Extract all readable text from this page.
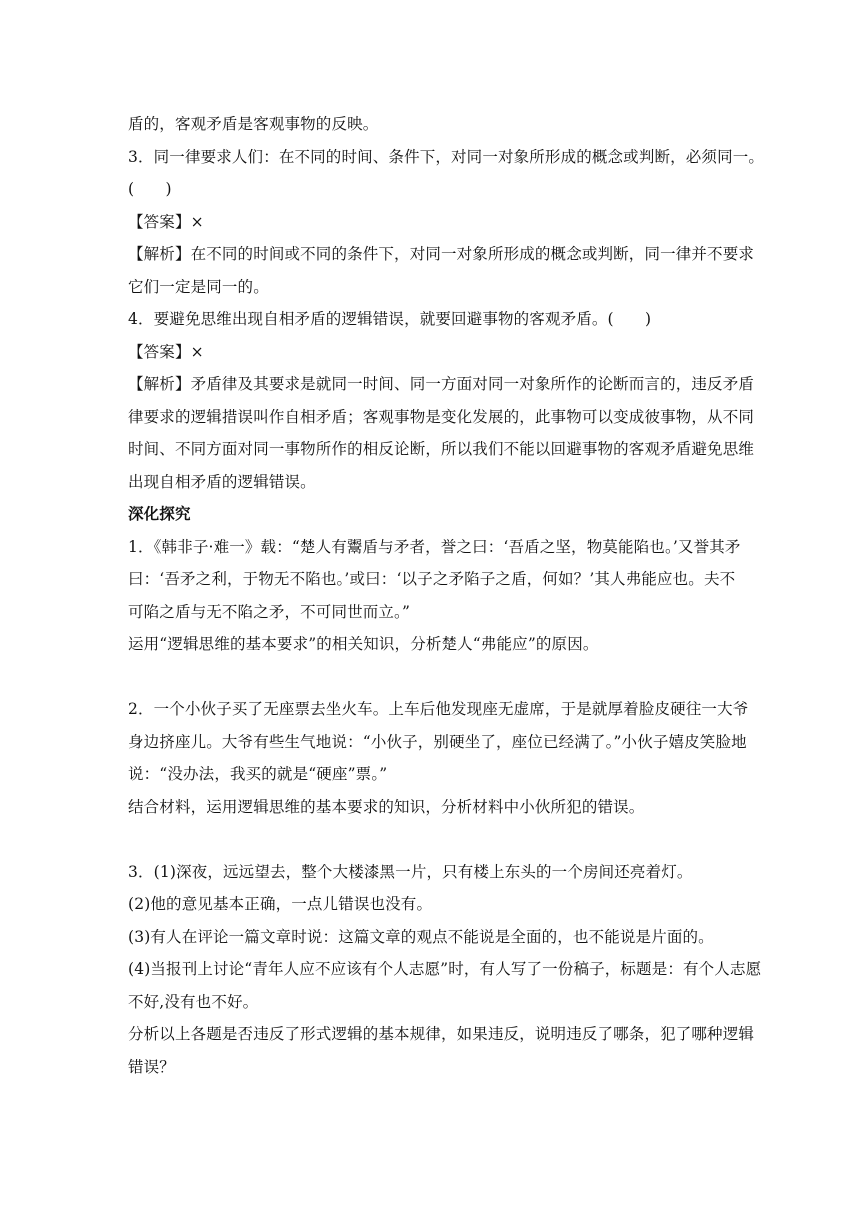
盾的，客观矛盾是客观事物的反映。
3．同一律要求人们：在不同的时间、条件下，对同一对象所形成的概念或判断，必须同一。
(　　)
【答案】×
【解析】在不同的时间或不同的条件下，对同一对象所形成的概念或判断，同一律并不要求
它们一定是同一的。
4．要避免思维出现自相矛盾的逻辑错误，就要回避事物的客观矛盾。(　　)
【答案】×
【解析】矛盾律及其要求是就同一时间、同一方面对同一对象所作的论断而言的，违反矛盾
律要求的逻辑措误叫作自相矛盾；客观事物是变化发展的，此事物可以变成彼事物，从不同
时间、不同方面对同一事物所作的相反论断，所以我们不能以回避事物的客观矛盾避免思维
出现自相矛盾的逻辑错误。
深化探究
1．《韩非子·难一》载：“楚人有鬻盾与矛者，誉之曰：‘吾盾之坚，物莫能陷也。’又誉其矛
曰：‘吾矛之利，于物无不陷也。’或曰：‘以子之矛陷子之盾，何如？’其人弗能应也。夫不
可陷之盾与无不陷之矛，不可同世而立。”
运用“逻辑思维的基本要求”的相关知识，分析楚人“弗能应”的原因。
2．一个小伙子买了无座票去坐火车。上车后他发现座无虚席，于是就厚着脸皮硬往一大爷
身边挤座儿。大爷有些生气地说：“小伙子，别硬坐了，座位已经满了。”小伙子嬉皮笑脸地
说：“没办法，我买的就是“硬座”票。”
结合材料，运用逻辑思维的基本要求的知识，分析材料中小伙所犯的错误。
3．(1)深夜，远远望去，整个大楼漆黑一片，只有楼上东头的一个房间还亮着灯。
(2)他的意见基本正确，一点儿错误也没有。
(3)有人在评论一篇文章时说：这篇文章的观点不能说是全面的，也不能说是片面的。
(4)当报刊上讨论“青年人应不应该有个人志愿”时，有人写了一份稿子，标题是：有个人志愿
不好,没有也不好。
分析以上各题是否违反了形式逻辑的基本规律，如果违反，说明违反了哪条，犯了哪种逻辑
错误？
